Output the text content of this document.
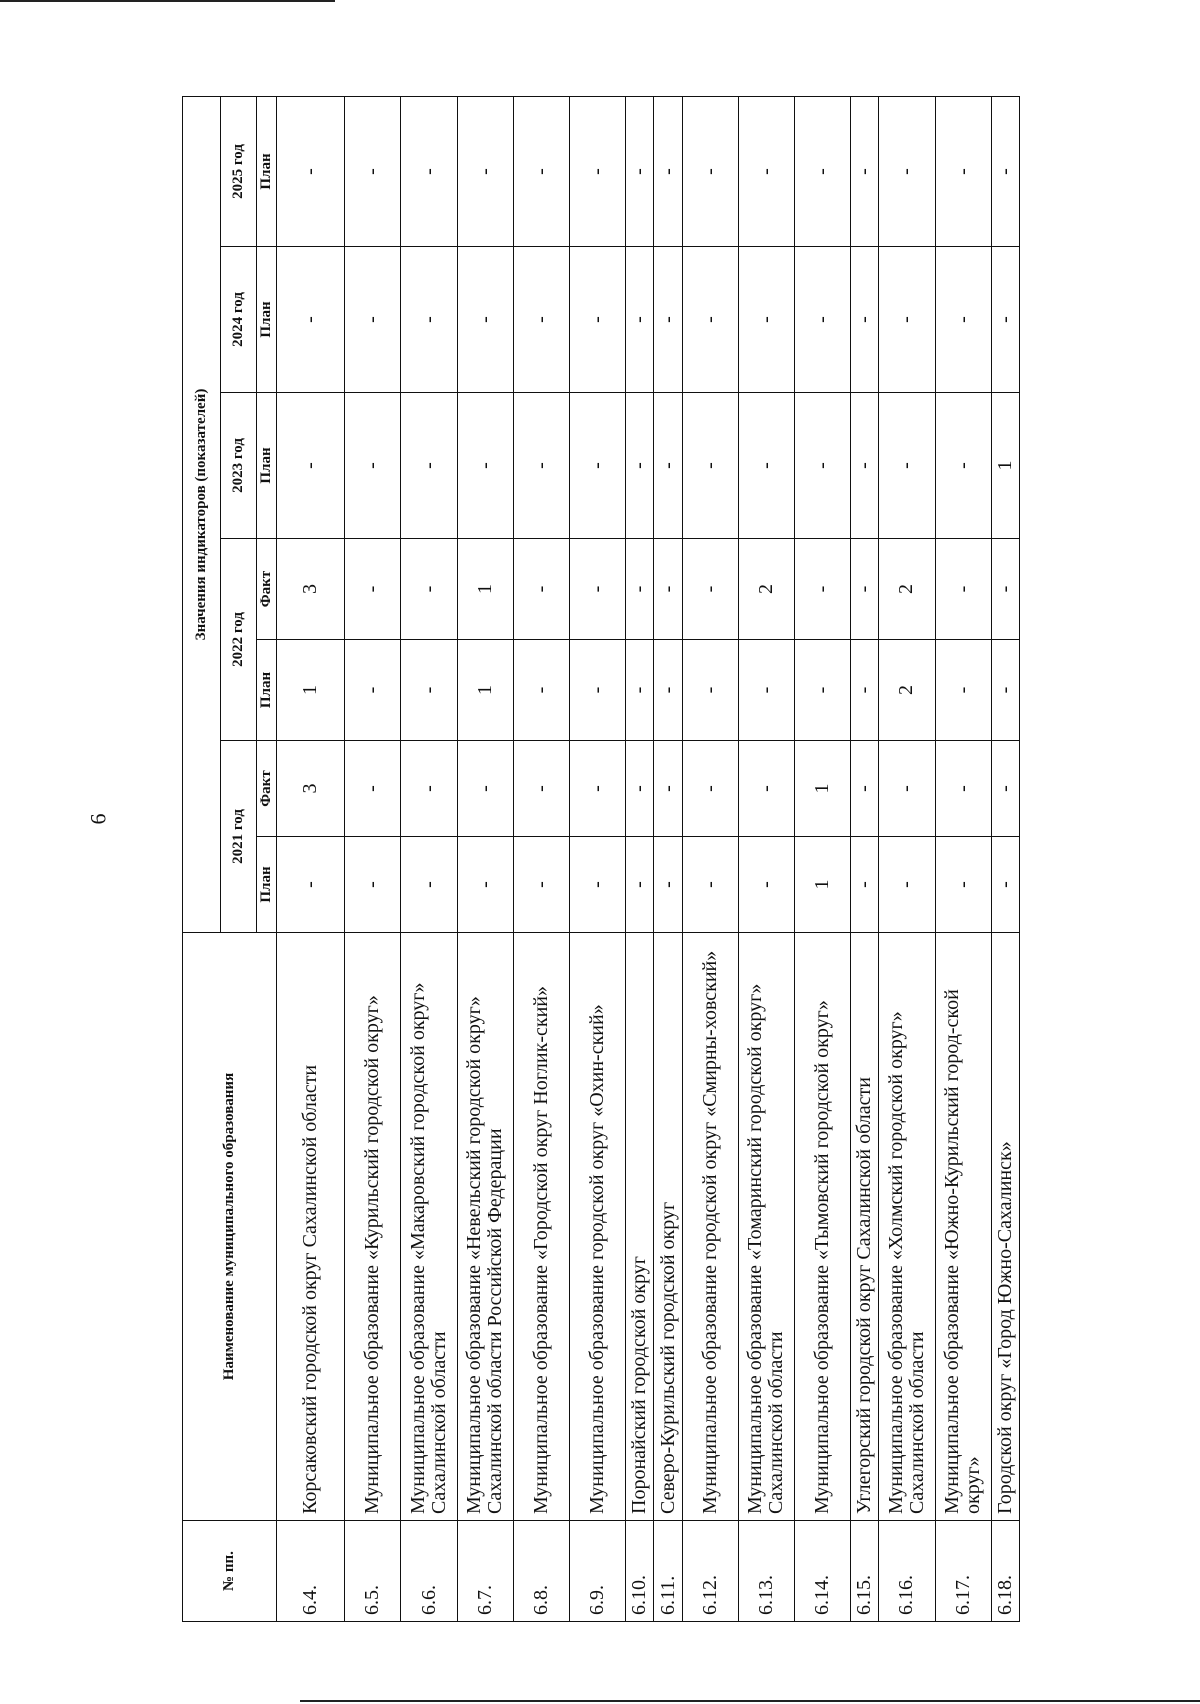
6
№ пп.	Наименование муниципального образования	Значения индикаторов (показателей)						
		2021 год		2022 год		2023 год	2024 год	2025 год
		План	Факт	План	Факт	План	План	План
6.4.	Корсаковский городской округ Сахалинской области	-	3	1	3	-	-	-
6.5.	Муниципальное образование «Курильский городской округ»	-	-	-	-	-	-	-
6.6.	Муниципальное образование «Макаровский городской округ» Сахалинской области	-	-	-	-	-	-	-
6.7.	Муниципальное образование «Невельский городской округ» Сахалинской области Российской Федерации	-	-	1	1	-	-	-
6.8.	Муниципальное образование «Городской округ Ноглик-ский»	-	-	-	-	-	-	-
6.9.	Муниципальное образование городской округ «Охин-ский»	-	-	-	-	-	-	-
6.10.	Поронайский городской округ	-	-	-	-	-	-	-
6.11.	Северо-Курильский городской округ	-	-	-	-	-	-	-
6.12.	Муниципальное образование городской округ «Смирны-ховский»	-	-	-	-	-	-	-
6.13.	Муниципальное образование «Томаринский городской округ» Сахалинской области	-	-	-	2	-	-	-
6.14.	Муниципальное образование «Тымовский городской округ»	1	1	-	-	-	-	-
6.15.	Углегорский городской округ Сахалинской области	-	-	-	-	-	-	-
6.16.	Муниципальное образование «Холмский городской округ» Сахалинской области	-	-	2	2	-	-	-
6.17.	Муниципальное образование «Южно-Курильский город-ской округ»	-	-	-	-	-	-	-
6.18.	Городской округ «Город Южно-Сахалинск»	-	-	-	-	1	-	-
